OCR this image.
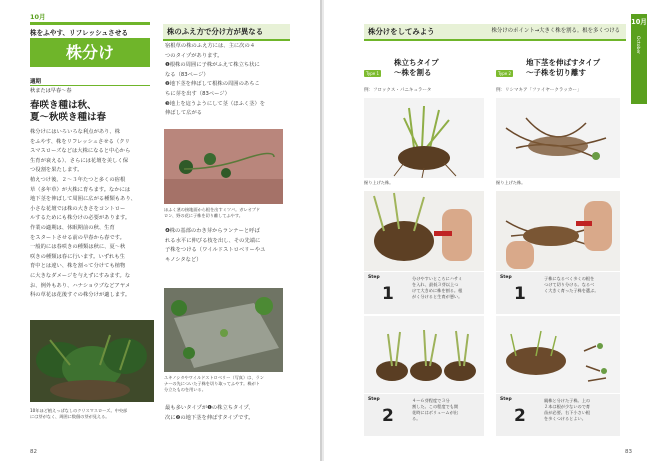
10月
株をふやす、リフレッシュさせる
株分け
適期
秋または早春～春
春咲き種は秋、
夏～秋咲き種は春
株分けにはいろいろな利点があり、株
をふやす、株をリフレッシュさせる（クリ
スマスローズなどは大株になると中心から
生育が衰える）、さらには花壇を美しく保
つ役割を果たします。
植えつけ後、２～３年たつと多くの宿根
草（多年草）が大株に育ちます。なかには
地下茎を伸ばして周囲に広がる種類もあり、
小さな花壇では株の大きさをコントロー
ルするためにも株分けの必要があります。
作業の適期は、休眠期前の秋、生育
をスタートさせる前の早春から春です。
一般的には春咲きの種類は秋に、夏～秋
咲きの種類は春に行います。いずれも生
育中とは違い、株を割って分けても植物
に大きなダメージを与えずにすみます。な
お、例外もあり、ハナショウブなどアヤメ
科の草花は花後すぐの株分けが適します。
10年ほど植えっぱなしのクリスマスローズ。中央部
には芽がなく、周囲に数個の芽が見える。
株のふえ方で分け方が異なる
宿根草の株のふえ方には、主に次の４
つのタイプがあります。
❶根株の周囲に子株がふえて株立ち状に
なる（83ページ）
❷地下茎を伸ばして根株の周囲のあちこ
ちに芽を出す（83ページ）
❸地上を這うようにして茎（ほふく茎）を
伸ばして広がる
ほふく茎の接地面から根を出すミツバ。ガレオプド
ロン、野の花に子株を切り離してふやす。
❹株の基部のわき芽からランナーと呼ば
れる水平に伸びる枝を出し、その先端に
子株をつける（ワイルドストロベリーやユ
キノシタなど）
ユキノシタやワイルドストロベリー（写真）は、ラン
ナーの先についた子株を切り取ってふやす。株がト
分立たものを用いる。
最も多いタイプが❶の株立ちタイプ、
次に❷の地下茎を伸ばすタイプです。
82
株分けをしてみよう	株分けのポイント→大きく株を割る。根を多くつける
10月
October
Type 1
株立ちタイプ
～株を割る
例：フロックス・パニキュラータ
掘り上げた株。
Step
1
分けやすいところにハサミ
を入れ、最低３芽以上つ
けて大きめに株を割る。根
がく分けると生育が悪い。
Step
2
４～６芽程度で３分
割した。この程度でも開
花時にはボリュームが出
る。
Type 2
地下茎を伸ばすタイプ
～子株を切り離す
例：リシマキア「ファイヤークラッカー」
掘り上げた株。
Step
1
子株になるべく多くの根を
つけて切り分ける。なるべ
く大きく育った子株を選ぶ。
Step
2
親株と分けた子株。上の
２本は根が少ないので育
苗が必要。右下小さい根
を多くつけるとよい。
83
